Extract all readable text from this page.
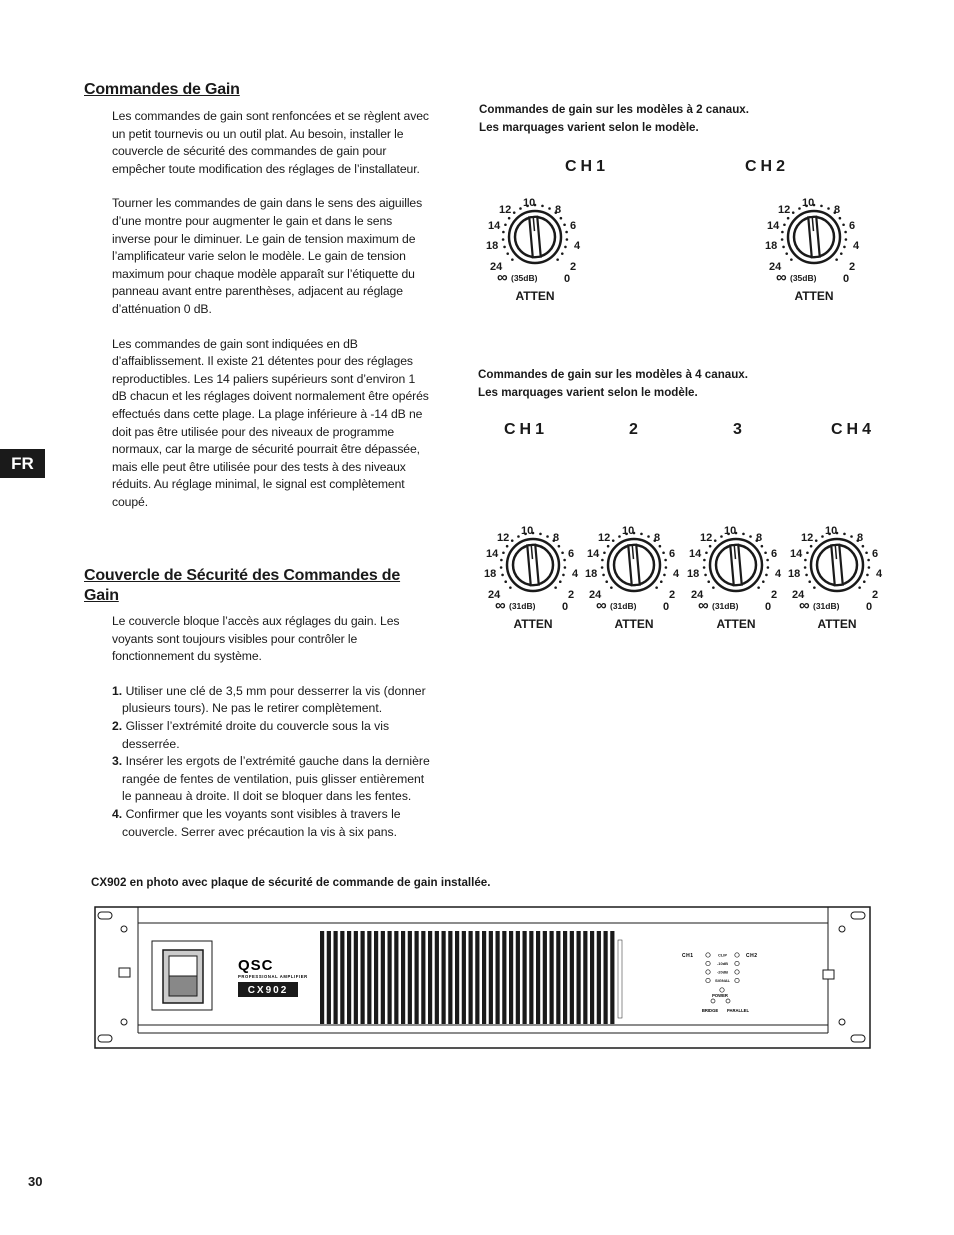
FR
Commandes de Gain

Les commandes de gain sont renfoncées et se règlent avec un petit tournevis ou un outil plat. Au besoin, installer le couvercle de sécurité des commandes de gain pour empêcher toute modification des réglages de l’installateur.

Tourner les commandes de gain dans le sens des aiguilles d’une montre pour augmenter le gain et dans le sens inverse pour le diminuer. Le gain de tension maximum de l’amplificateur varie selon le modèle. Le gain de tension maximum pour chaque modèle apparaît sur l’étiquette du panneau avant entre parenthèses, adjacent au réglage d’atténuation 0 dB.

Les commandes de gain sont indiquées en dB d’affaiblissement. Il existe 21 détentes pour des réglages reproductibles. Les 14 paliers supérieurs sont d’environ 1 dB chacun et les réglages doivent normalement être opérés effectués dans cette plage. La plage inférieure à -14 dB ne doit pas être utilisée pour des niveaux de programme normaux, car la marge de sécurité pourrait être dépassée, mais elle peut être utilisée pour des tests à des niveaux réduits. Au réglage minimal, le signal est complètement coupé.

Couvercle de Sécurité des Commandes de Gain

Le couvercle bloque l’accès aux réglages du gain. Les voyants sont toujours visibles pour contrôler le fonctionnement du système.

1. Utiliser une clé de 3,5 mm pour desserrer la vis (donner plusieurs tours). Ne pas le retirer complètement.
2. Glisser l’extrémité droite du couvercle sous la vis desserrée.
3. Insérer les ergots de l’extrémité gauche dans la dernière rangée de fentes de ventilation, puis glisser entièrement le panneau à droite. Il doit se bloquer dans les fentes.
4. Confirmer que les voyants sont visibles à travers le couvercle. Serrer avec précaution la vis à six pans.

Commandes de gain sur les modèles à 2 canaux.

Les marquages varient selon le modèle.

CH1	CH2
∞
24
18
14
12
10
8
6
4
2
0
(35dB)
ATTEN
∞
24
18
14
12
10
8
6
4
2
0
(35dB)
ATTEN

Commandes de gain sur les modèles à 4 canaux.

Les marquages varient selon le modèle.

CH1	2	3	CH4
∞
24
18
14
12
10
8
6
4
2
0
(31dB)
ATTEN
∞
24
18
14
12
10
8
6
4
2
0
(31dB)
ATTEN
∞
24
18
14
12
10
8
6
4
2
0
(31dB)
ATTEN
∞
24
18
14
12
10
8
6
4
2
0
(31dB)
ATTEN

CX902 en photo avec plaque de sécurité de commande de gain installée.

QSC
PROFESSIONAL AMPLIFIER
CX902
CH1	CH2
CLIP
-10dB
-20dB
SIGNAL
POWER
BRIDGE PARALLEL
30
